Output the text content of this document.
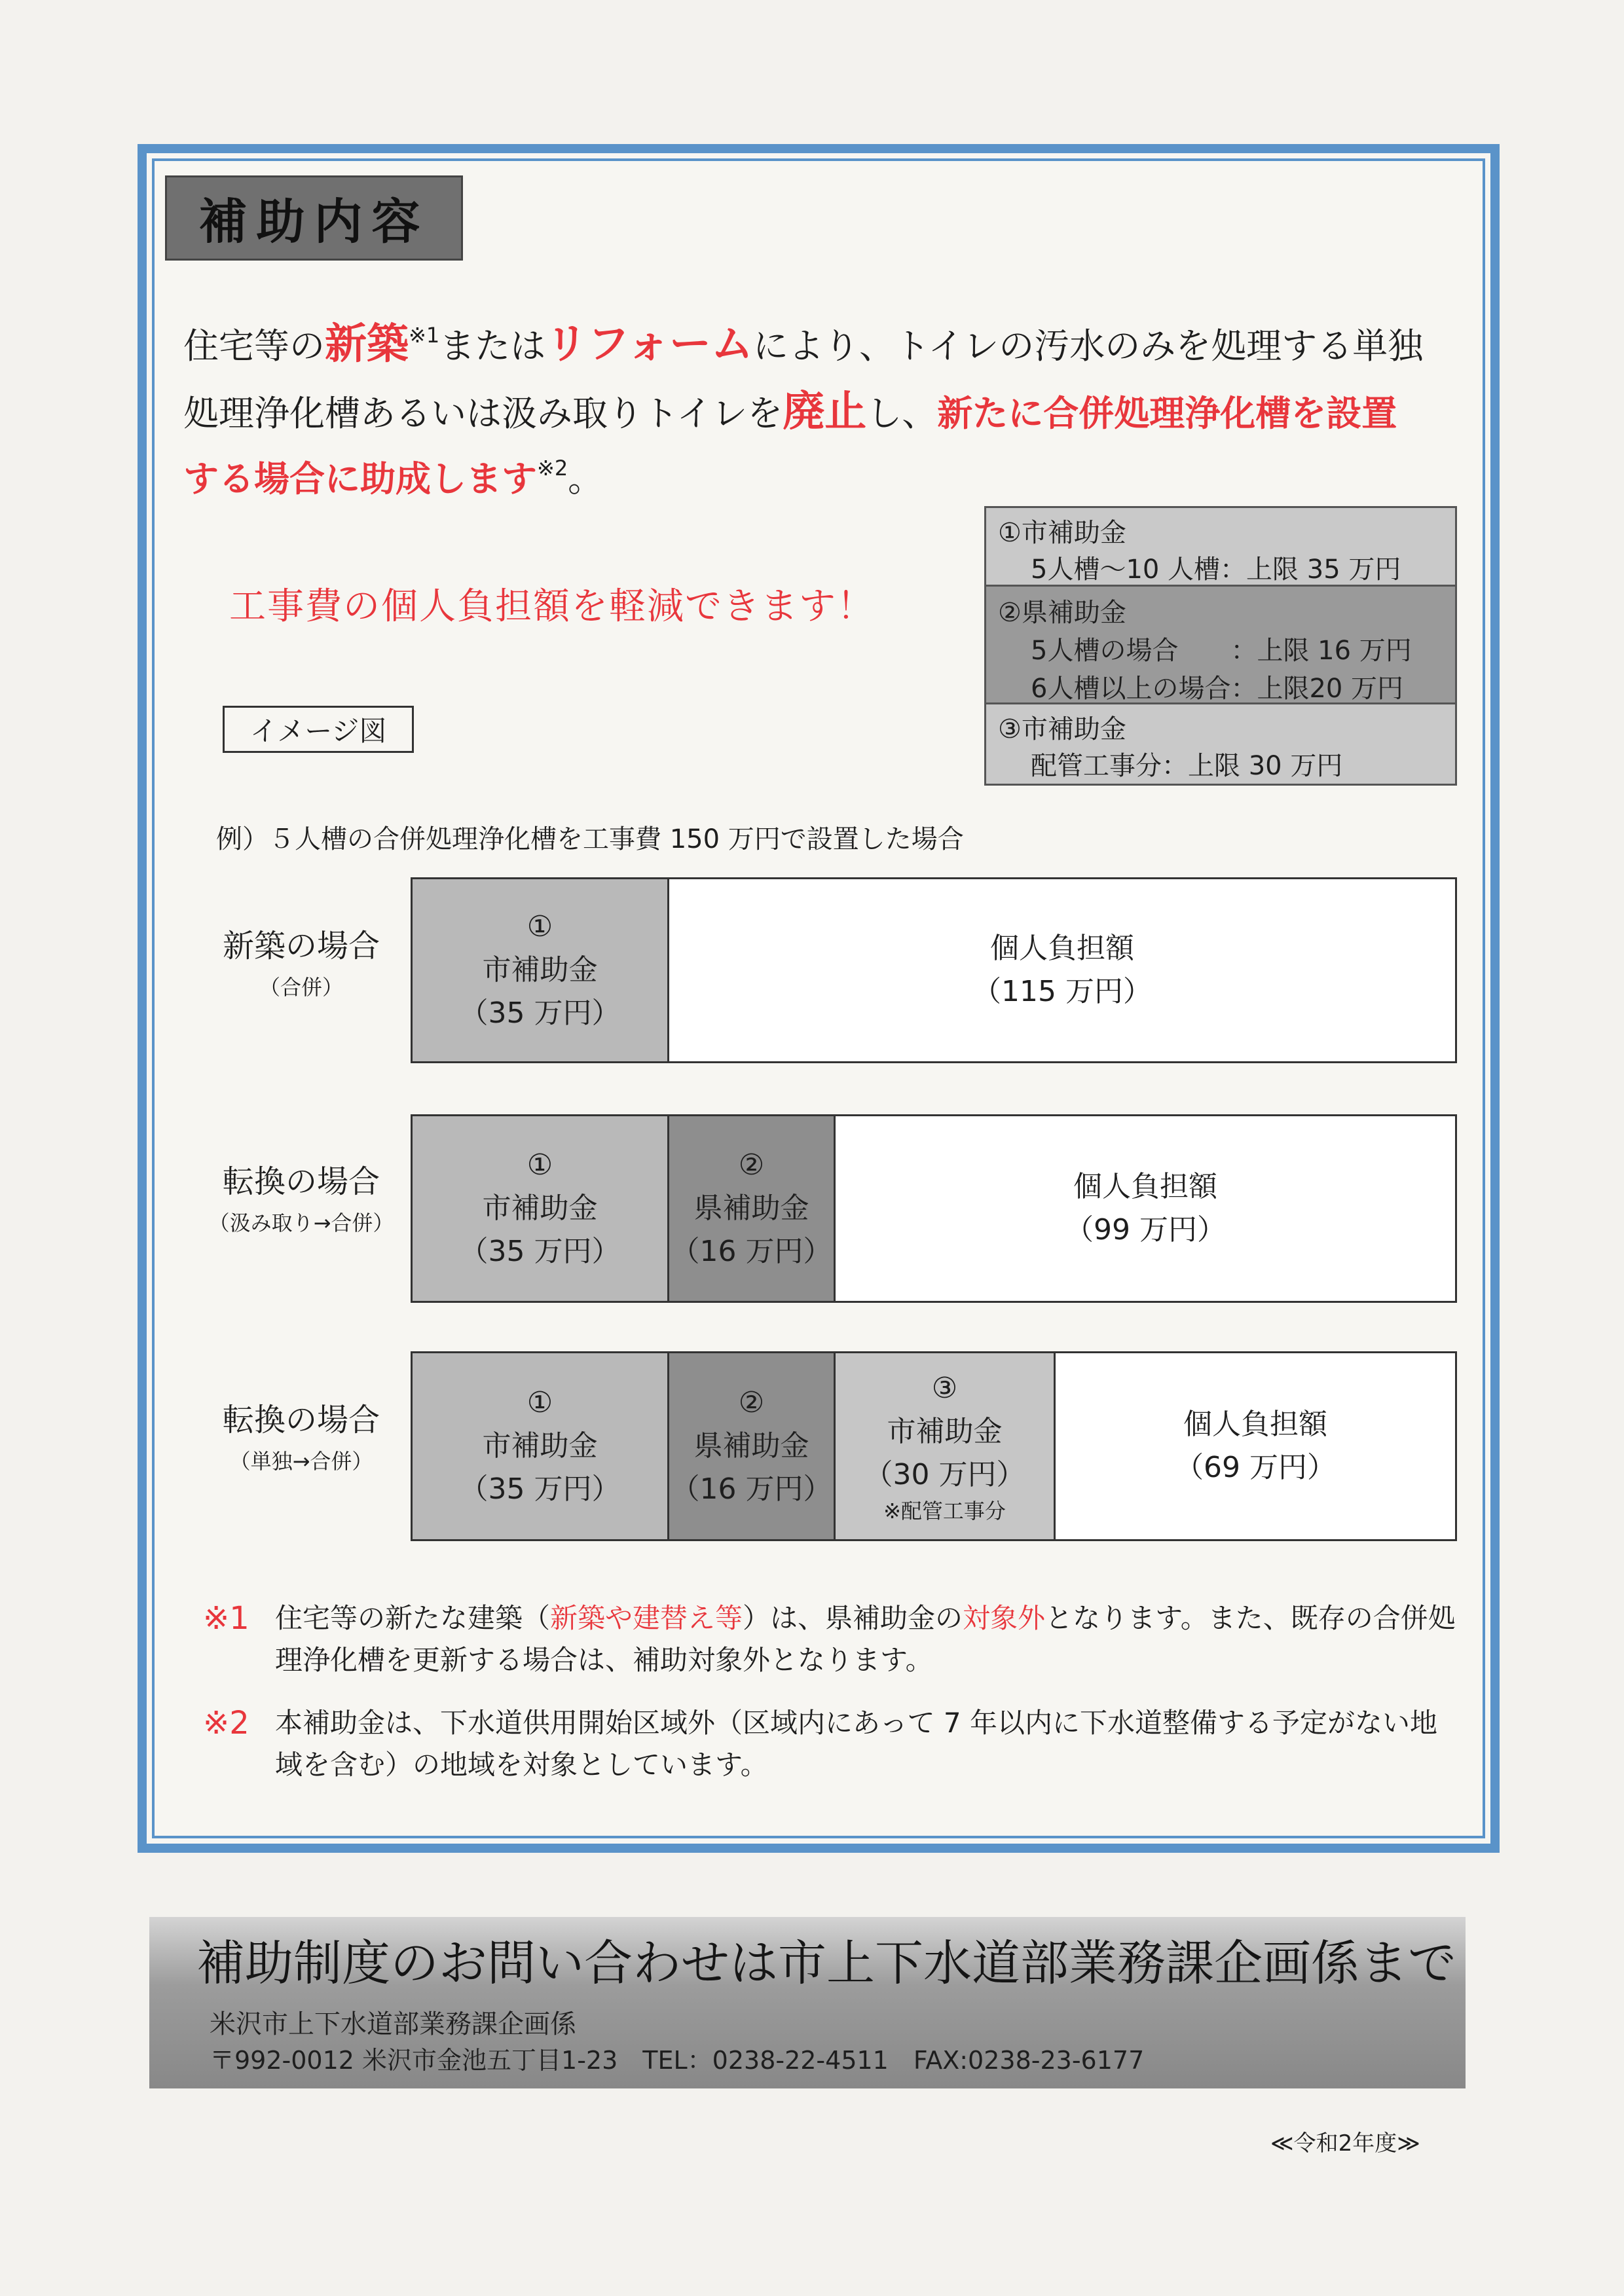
補助内容
住宅等の新築$^{※1}$またはリフォームにより、トイレの汚水のみを処理する単独
処理浄化槽あるいは汲み取りトイレを廃止し、新たに合併処理浄化槽を設置
する場合に助成します$^{※2}$。
工事費の個人負担額を軽減できます！
イメージ図
①市補助金
5人槽～10 人槽：上限 35 万円
②県補助金
5人槽の場合　　：上限 16 万円
6人槽以上の場合：上限20 万円
③市補助金
配管工事分：上限 30 万円
例）５人槽の合併処理浄化槽を工事費 150 万円で設置した場合
新築の場合
（合併）
①
市補助金
（35 万円）
個人負担額
（115 万円）
転換の場合
（汲み取り→合併）
①
市補助金
（35 万円）
②
県補助金
（16 万円）
個人負担額
（99 万円）
転換の場合
（単独→合併）
①
市補助金
（35 万円）
②
県補助金
（16 万円）
③
市補助金
（30 万円）
※配管工事分
個人負担額
（69 万円）
※1 住宅等の新たな建築（新築や建替え等）は、県補助金の対象外となります。また、既存の合併処理浄化槽を更新する場合は、補助対象外となります。
※2 本補助金は、下水道供用開始区域外（区域内にあって 7 年以内に下水道整備する予定がない地域を含む）の地域を対象としています。
補助制度のお問い合わせは市上下水道部業務課企画係まで
米沢市上下水道部業務課企画係
〒992-0012 米沢市金池五丁目1-23　TEL：0238-22-4511　FAX:0238-23-6177
≪令和2年度≫
